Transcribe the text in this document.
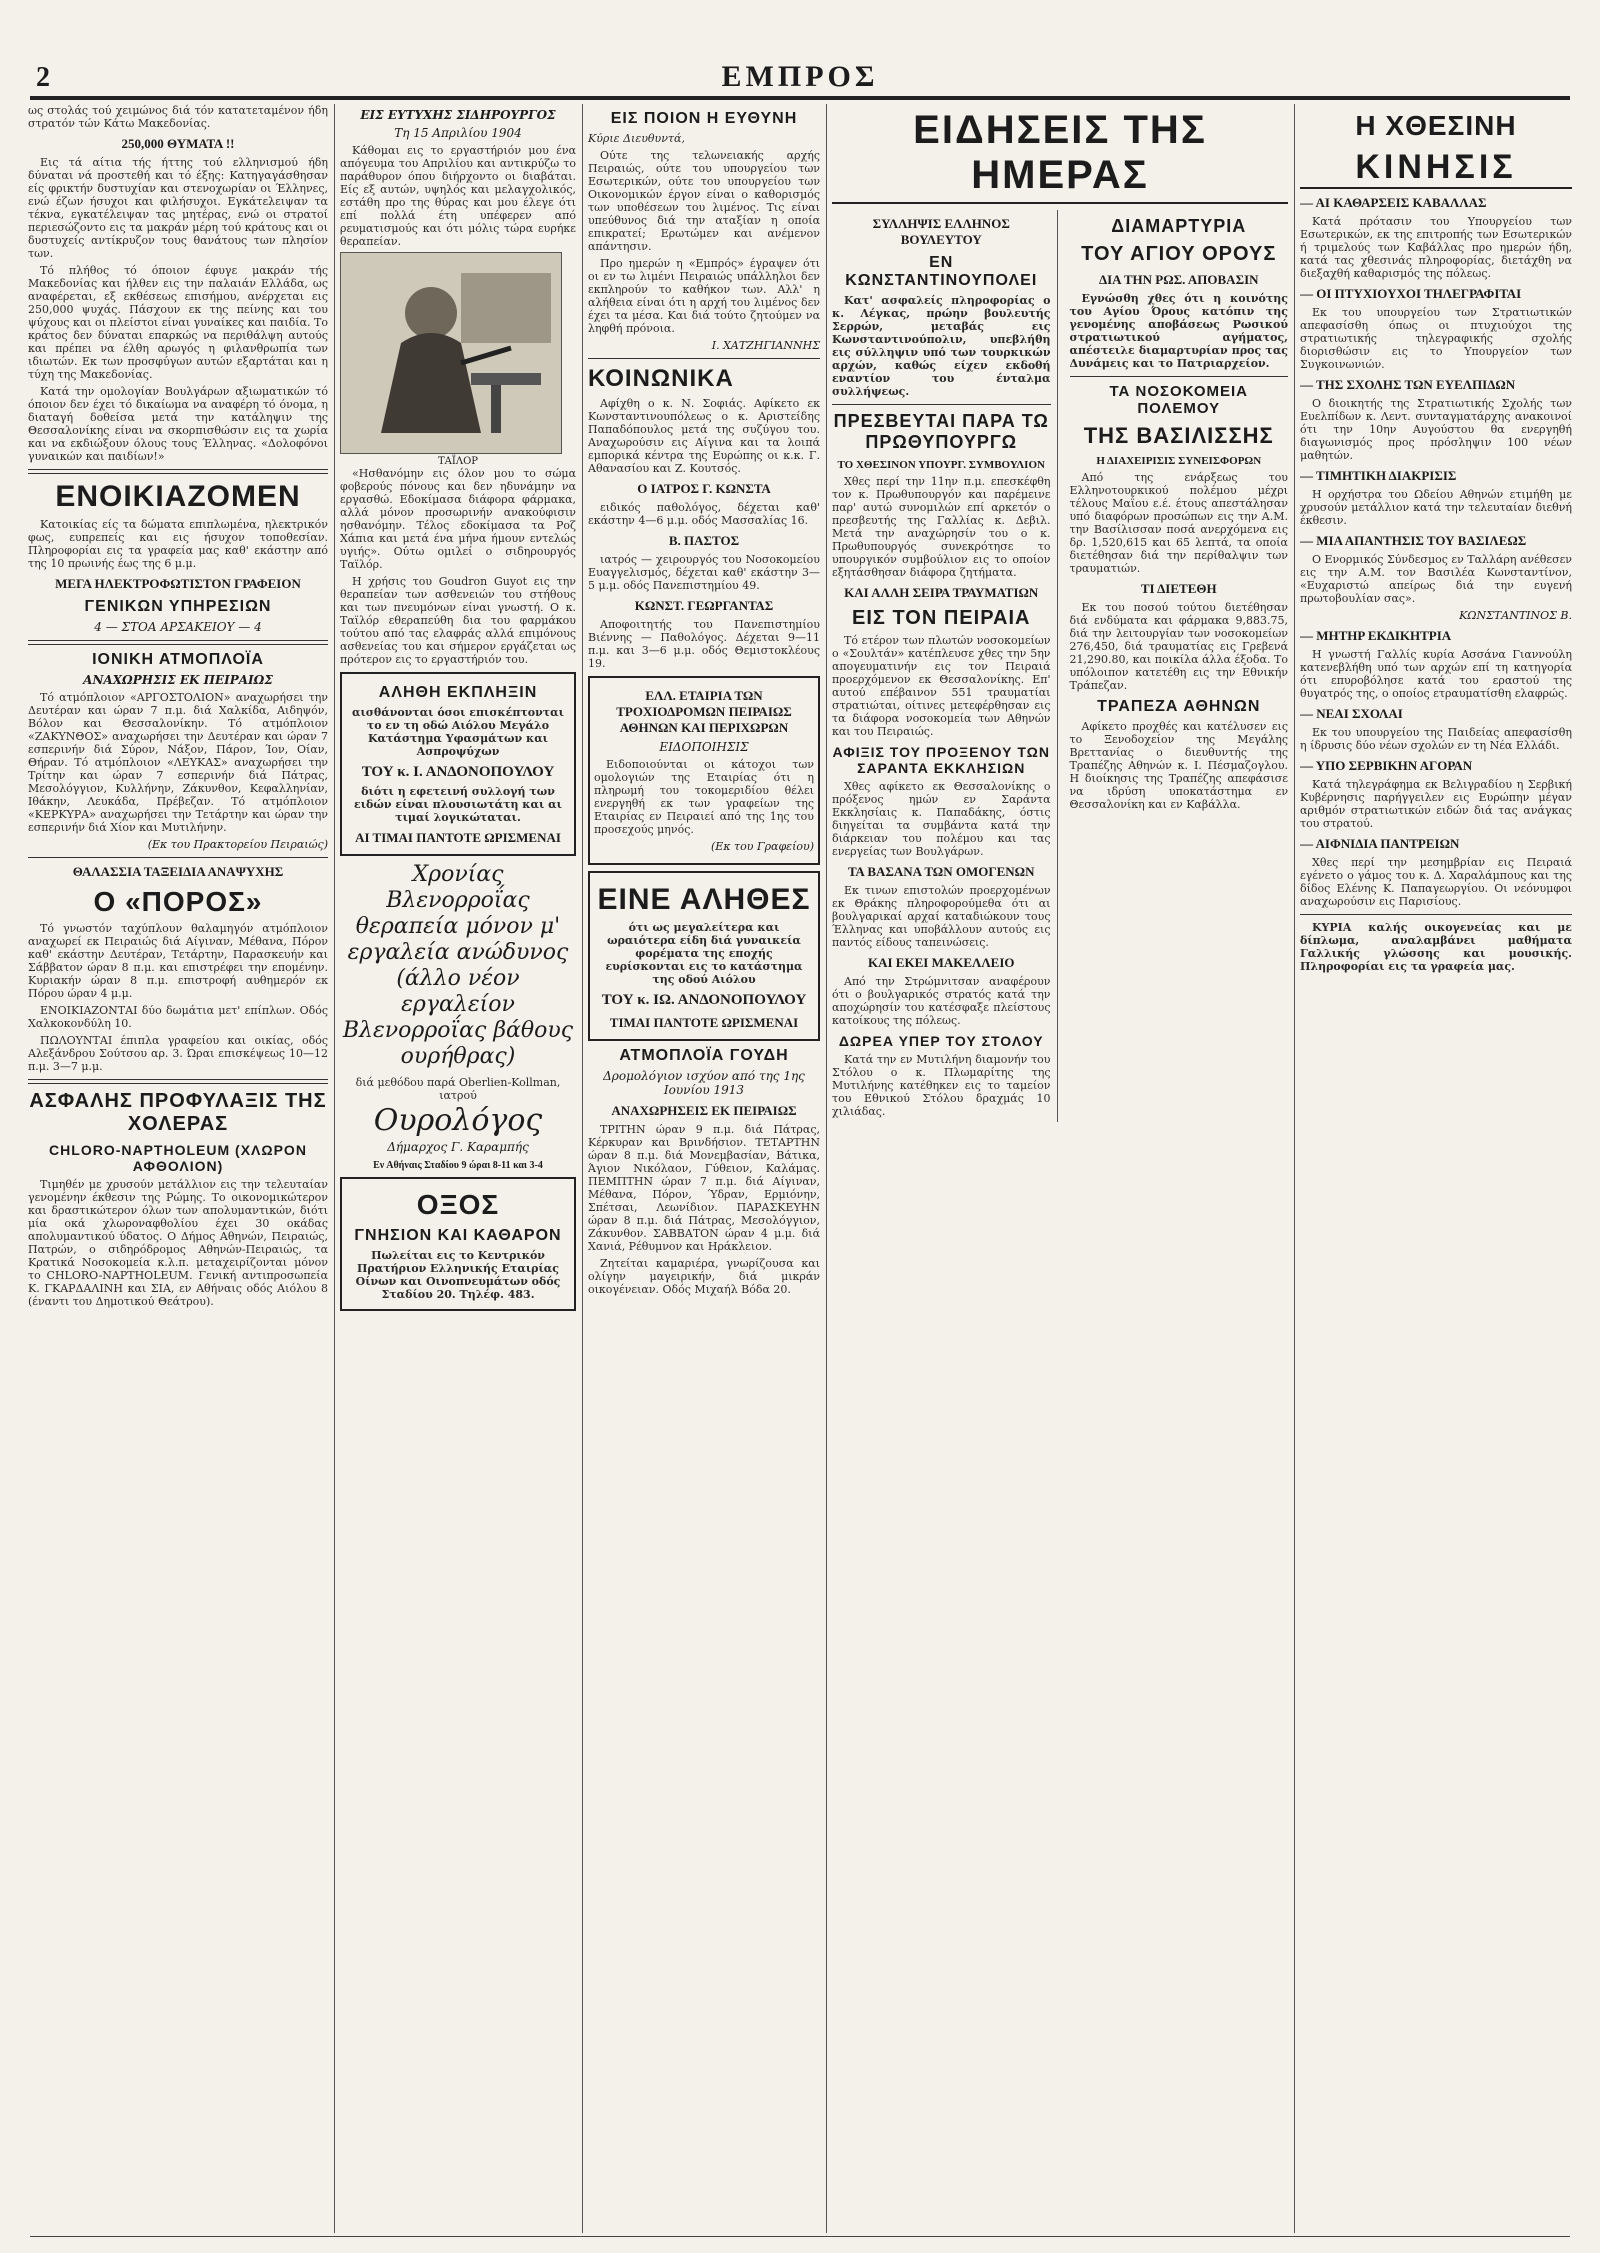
2	ΕΜΠΡΟΣ

ως στολάς τού χειμώνος διά τόν κατατεταμένον ήδη στρατόν τών Κάτω Μακεδονίας.

250,000 ΘΥΜΑΤΑ !!

Εις τά αίτια τής ήττης τού ελληνισμού ήδη δύναται νά προστεθή και τό έξης: Κατηγαγάσθησαν είς φρικτήν δυστυχίαν και στενοχωρίαν οι Έλληνες, ενώ έζων ήσυχοι και φιλήσυχοι. Εγκάτελειψαν τα τέκνα, εγκατέλειψαν τας μητέρας, ενώ οι στρατοί περιεσώζοντο εις τα μακράν μέρη τού κράτους και οι δυστυχείς αντίκρυζον τους θανάτους των πλησίον των.

Τό πλήθος τό όποιον έφυγε μακράν τής Μακεδονίας και ήλθεν εις την παλαιάν Ελλάδα, ως αναφέρεται, εξ εκθέσεως επισήμου, ανέρχεται εις 250,000 ψυχάς. Πάσχουν εκ της πείνης και του ψύχους και οι πλείστοι είναι γυναίκες και παιδία. Το κράτος δεν δύναται επαρκώς να περιθάλψη αυτούς και πρέπει να έλθη αρωγός η φιλανθρωπία των ιδιωτών. Εκ των προσφύγων αυτών εξαρτάται και η τύχη της Μακεδονίας.

Κατά την ομολογίαν Βουλγάρων αξιωματικών τό όποιον δεν έχει τό δικαίωμα να αναφέρη τό όνομα, η διαταγή δοθείσα μετά την κατάληψιν της Θεσσαλονίκης είναι να σκορπισθώσιν εις τα χωρία και να εκδιώξουν όλους τους Έλληνας. «Δολοφόνοι γυναικών και παιδίων!»

ΕΝΟΙΚΙΑΖΟΜΕΝ

Κατοικίας είς τα δώματα επιπλωμένα, ηλεκτρικόν φως, ευπρεπείς και εις ήσυχον τοποθεσίαν. Πληροφορίαι εις τα γραφεία μας καθ' εκάστην από της 10 πρωινής έως της 6 μ.μ.

ΜΕΓΑ ΗΛΕΚΤΡΟΦΩΤΙΣΤΟΝ ΓΡΑΦΕΙΟΝ
ΓΕΝΙΚΩΝ ΥΠΗΡΕΣΙΩΝ
4 — ΣΤΟΑ ΑΡΣΑΚΕΙΟΥ — 4
ΙΟΝΙΚΗ ΑΤΜΟΠΛΟΪΑ
ΑΝΑΧΩΡΗΣΙΣ ΕΚ ΠΕΙΡΑΙΩΣ

Τό ατμόπλοιον «ΑΡΓΟΣΤΟΛΙΟΝ» αναχωρήσει την Δευτέραν και ώραν 7 π.μ. διά Χαλκίδα, Αιδηψόν, Βόλον και Θεσσαλονίκην. Τό ατμόπλοιον «ΖΑΚΥΝΘΟΣ» αναχωρήσει την Δευτέραν και ώραν 7 εσπερινήν διά Σύρον, Νάξον, Πάρον, Ίον, Οίαν, Θήραν. Τό ατμόπλοιον «ΛΕΥΚΑΣ» αναχωρήσει την Τρίτην και ώραν 7 εσπερινήν διά Πάτρας, Μεσολόγγιον, Κυλλήνην, Ζάκυνθον, Κεφαλληνίαν, Ιθάκην, Λευκάδα, Πρέβεζαν. Τό ατμόπλοιον «ΚΕΡΚΥΡΑ» αναχωρήσει την Τετάρτην και ώραν την εσπερινήν διά Χίον και Μυτιλήνην.

(Εκ του Πρακτορείου Πειραιώς)
ΘΑΛΑΣΣΙΑ ΤΑΞΕΙΔΙΑ ΑΝΑΨΥΧΗΣ
Ο «ΠΟΡΟΣ»

Τό γνωστόν ταχύπλουν θαλαμηγόν ατμόπλοιον αναχωρεί εκ Πειραιώς διά Αίγιναν, Μέθανα, Πόρον καθ' εκάστην Δευτέραν, Τετάρτην, Παρασκευήν και Σάββατον ώραν 8 π.μ. και επιστρέφει την επομένην. Κυριακήν ώραν 8 π.μ. επιστροφή αυθημερόν εκ Πόρου ώραν 4 μ.μ.

ΕΝΟΙΚΙΑΖΟΝΤΑΙ δύο δωμάτια μετ' επίπλων. Οδός Χαλκοκονδύλη 10.

ΠΩΛΟΥΝΤΑΙ έπιπλα γραφείου και οικίας, οδός Αλεξάνδρου Σούτσου αρ. 3. Ώραι επισκέψεως 10—12 π.μ. 3—7 μ.μ.

ΑΣΦΑΛΗΣ ΠΡΟΦΥΛΑΞΙΣ ΤΗΣ ΧΟΛΕΡΑΣ
CHLORO-NAPTHOLEUM (ΧΛΩΡΟΝ ΑΦΘΟΛΙΟΝ)

Τιμηθέν με χρυσούν μετάλλιον εις την τελευταίαν γενομένην έκθεσιν της Ρώμης. Το οικονομικώτερον και δραστικώτερον όλων των απολυμαντικών, διότι μία οκά χλωροναφθολίου έχει 30 οκάδας απολυμαντικού ύδατος. Ο Δήμος Αθηνών, Πειραιώς, Πατρών, ο σιδηρόδρομος Αθηνών-Πειραιώς, τα Κρατικά Νοσοκομεία κ.λ.π. μεταχειρίζονται μόνον το CHLORO-NAPTHOLEUM. Γενική αντιπροσωπεία K. ΓΚΑΡΔΑΛΙΝΗ και ΣΙΑ, εν Αθήναις οδός Αιόλου 8 (έναντι του Δημοτικού Θεάτρου).

ΕΙΣ ΕΥΤΥΧΗΣ ΣΙΔΗΡΟΥΡΓΟΣ
Τη 15 Απριλίου 1904

Κάθομαι εις το εργαστήριόν μου ένα απόγευμα του Απριλίου και αντικρύζω το παράθυρον όπου διήρχοντο οι διαβάται. Είς εξ αυτών, υψηλός και μελαγχολικός, εστάθη προ της θύρας και μου έλεγε ότι επί πολλά έτη υπέφερεν από ρευματισμούς και ότι μόλις τώρα ευρήκε θεραπείαν.

ΤΑΪΛΟΡ

«Ησθανόμην εις όλον μου το σώμα φοβερούς πόνους και δεν ηδυνάμην να εργασθώ. Εδοκίμασα διάφορα φάρμακα, αλλά μόνον προσωρινήν ανακούφισιν ησθανόμην. Τέλος εδοκίμασα τα Ροζ Χάπια και μετά ένα μήνα ήμουν εντελώς υγιής». Ούτω ομιλεί ο σιδηρουργός Ταϊλόρ.

Η χρήσις του Goudron Guyot εις την θεραπείαν των ασθενειών του στήθους και των πνευμόνων είναι γνωστή. Ο κ. Ταϊλόρ εθεραπεύθη δια του φαρμάκου τούτου από τας ελαφράς αλλά επιμόνους ασθενείας του και σήμερον εργάζεται ως πρότερον εις το εργαστήριόν του.

ΑΛΗΘΗ ΕΚΠΛΗΞΙΝ

αισθάνονται όσοι επισκέπτονται το εν τη οδώ Αιόλου Μεγάλο Κατάστημα Υφασμάτων και Ασπροψύχων

ΤΟΥ κ. Ι. ΑΝΔΟΝΟΠΟΥΛΟΥ

διότι η εφετεινή συλλογή των ειδών είναι πλουσιωτάτη και αι τιμαί λογικώταται.

ΑΙ ΤΙΜΑΙ ΠΑΝΤΟΤΕ ΩΡΙΣΜΕΝΑΙ
Χρονίας Βλενορροΐας θεραπεία μόνον μ' εργαλεία ανώδυνος (άλλο νέον εργαλείον Βλενορροΐας βάθους ουρήθρας)

διά μεθόδου παρά Oberlien-Kollman, ιατρού

Ουρολόγος
Δήμαρχος Γ. Καραμπής
Εν Αθήναις Σταδίου 9 ώραι 8-11 και 3-4
ΟΞΟΣ
ΓΝΗΣΙΟΝ ΚΑΙ ΚΑΘΑΡΟΝ

Πωλείται εις το Κεντρικόν Πρατήριον Ελληνικής Εταιρίας Οίνων και Οινοπνευμάτων οδός Σταδίου 20. Τηλέφ. 483.

ΕΙΣ ΠΟΙΟΝ Η ΕΥΘΥΝΗ

Κύριε Διευθυντά,

Ούτε της τελωνειακής αρχής Πειραιώς, ούτε του υπουργείου των Εσωτερικών, ούτε του υπουργείου των Οικονομικών έργον είναι ο καθορισμός των υποθέσεων του λιμένος. Τις είναι υπεύθυνος διά την αταξίαν η οποία επικρατεί; Ερωτώμεν και ανέμενον απάντησιν.

Προ ημερών η «Εμπρός» έγραψεν ότι οι εν τω λιμένι Πειραιώς υπάλληλοι δεν εκπληρούν το καθήκον των. Αλλ' η αλήθεια είναι ότι η αρχή του λιμένος δεν έχει τα μέσα. Και διά τούτο ζητούμεν να ληφθή πρόνοια.

Ι. ΧΑΤΖΗΓΙΑΝΝΗΣ
ΚΟΙΝΩΝΙΚΑ

Αφίχθη ο κ. Ν. Σοφιάς. Αφίκετο εκ Κωνσταντινουπόλεως ο κ. Αριστείδης Παπαδόπουλος μετά της συζύγου του. Αναχωρούσιν εις Αίγινα και τα λοιπά εμπορικά κέντρα της Ευρώπης οι κ.κ. Γ. Αθανασίου και Ζ. Κουτσός.

Ο ΙΑΤΡΟΣ Γ. ΚΩΝΣΤΑ

ειδικός παθολόγος, δέχεται καθ' εκάστην 4—6 μ.μ. οδός Μασσαλίας 16.

Β. ΠΑΣΤΟΣ

ιατρός — χειρουργός του Νοσοκομείου Ευαγγελισμός, δέχεται καθ' εκάστην 3—5 μ.μ. οδός Πανεπιστημίου 49.

ΚΩΝΣΤ. ΓΕΩΡΓΑΝΤΑΣ

Αποφοιτητής του Πανεπιστημίου Βιέννης — Παθολόγος. Δέχεται 9—11 π.μ. και 3—6 μ.μ. οδός Θεμιστοκλέους 19.

ΕΛΛ. ΕΤΑΙΡΙΑ ΤΩΝ ΤΡΟΧΙΟΔΡΟΜΩΝ ΠΕΙΡΑΙΩΣ ΑΘΗΝΩΝ ΚΑΙ ΠΕΡΙΧΩΡΩΝ
ΕΙΔΟΠΟΙΗΣΙΣ

Ειδοποιούνται οι κάτοχοι των ομολογιών της Εταιρίας ότι η πληρωμή του τοκομεριδίου θέλει ενεργηθή εκ των γραφείων της Εταιρίας εν Πειραιεί από της 1ης του προσεχούς μηνός.

(Εκ του Γραφείου)
ΕΙΝΕ ΑΛΗΘΕΣ

ότι ως μεγαλείτερα και ωραιότερα είδη διά γυναικεία φορέματα της εποχής ευρίσκονται εις το κατάστημα της οδού Αιόλου

ΤΟΥ κ. ΙΩ. ΑΝΔΟΝΟΠΟΥΛΟΥ
ΤΙΜΑΙ ΠΑΝΤΟΤΕ ΩΡΙΣΜΕΝΑΙ
ΑΤΜΟΠΛΟΪΑ ΓΟΥΔΗ
Δρομολόγιον ισχύον από της 1ης Ιουνίου 1913
ΑΝΑΧΩΡΗΣΕΙΣ ΕΚ ΠΕΙΡΑΙΩΣ

ΤΡΙΤΗΝ ώραν 9 π.μ. διά Πάτρας, Κέρκυραν και Βρινδήσιον. ΤΕΤΑΡΤΗΝ ώραν 8 π.μ. διά Μονεμβασίαν, Βάτικα, Άγιον Νικόλαον, Γύθειον, Καλάμας. ΠΕΜΠΤΗΝ ώραν 7 π.μ. διά Αίγιναν, Μέθανα, Πόρον, Ύδραν, Ερμιόνην, Σπέτσαι, Λεωνίδιον. ΠΑΡΑΣΚΕΥΗΝ ώραν 8 π.μ. διά Πάτρας, Μεσολόγγιον, Ζάκυνθον. ΣΑΒΒΑΤΟΝ ώραν 4 μ.μ. διά Χανιά, Ρέθυμνον και Ηράκλειον.

Ζητείται καμαριέρα, γνωρίζουσα και ολίγην μαγειρικήν, διά μικράν οικογένειαν. Οδός Μιχαήλ Βόδα 20.

ΕΙΔΗΣΕΙΣ ΤΗΣ ΗΜΕΡΑΣ
ΣΥΛΛΗΨΙΣ ΕΛΛΗΝΟΣ ΒΟΥΛΕΥΤΟΥ
ΕΝ ΚΩΝΣΤΑΝΤΙΝΟΥΠΟΛΕΙ

Κατ' ασφαλείς πληροφορίας ο κ. Λέγκας, πρώην βουλευτής Σερρών, μεταβάς εις Κωνσταντινούπολιν, υπεβλήθη εις σύλληψιν υπό των τουρκικών αρχών, καθώς είχεν εκδοθή εναντίον του ένταλμα συλλήψεως.

ΠΡΕΣΒΕΥΤΑΙ ΠΑΡΑ ΤΩ ΠΡΩΘΥΠΟΥΡΓΩ
ΤΟ ΧΘΕΣΙΝΟΝ ΥΠΟΥΡΓ. ΣΥΜΒΟΥΛΙΟΝ

Χθες περί την 11ην π.μ. επεσκέφθη τον κ. Πρωθυπουργόν και παρέμεινε παρ' αυτώ συνομιλών επί αρκετόν ο πρεσβευτής της Γαλλίας κ. Δεβιλ. Μετά την αναχώρησίν του ο κ. Πρωθυπουργός συνεκρότησε το υπουργικόν συμβούλιον εις το οποίον εξητάσθησαν διάφορα ζητήματα.

ΚΑΙ ΑΛΛΗ ΣΕΙΡΑ ΤΡΑΥΜΑΤΙΩΝ
ΕΙΣ ΤΟΝ ΠΕΙΡΑΙΑ

Τό ετέρον των πλωτών νοσοκομείων ο «Σουλτάν» κατέπλευσε χθες την 5ην απογευματινήν εις τον Πειραιά προερχόμενον εκ Θεσσαλονίκης. Επ' αυτού επέβαινον 551 τραυματίαι στρατιώται, οίτινες μετεφέρθησαν εις τα διάφορα νοσοκομεία των Αθηνών και του Πειραιώς.

ΑΦΙΞΙΣ ΤΟΥ ΠΡΟΞΕΝΟΥ ΤΩΝ ΣΑΡΑΝΤΑ ΕΚΚΛΗΣΙΩΝ

Χθες αφίκετο εκ Θεσσαλονίκης ο πρόξενος ημών εν Σαράντα Εκκλησίαις κ. Παπαδάκης, όστις διηγείται τα συμβάντα κατά την διάρκειαν του πολέμου και τας ενεργείας των Βουλγάρων.

ΤΑ ΒΑΣΑΝΑ ΤΩΝ ΟΜΟΓΕΝΩΝ

Εκ τινων επιστολών προερχομένων εκ Θράκης πληροφορούμεθα ότι αι βουλγαρικαί αρχαί καταδιώκουν τους Έλληνας και υποβάλλουν αυτούς εις παντός είδους ταπεινώσεις.

ΚΑΙ ΕΚΕΙ ΜΑΚΕΛΛΕΙΟ

Από την Στρώμνιτσαν αναφέρουν ότι ο βουλγαρικός στρατός κατά την αποχώρησίν του κατέσφαξε πλείστους κατοίκους της πόλεως.

ΔΩΡΕΑ ΥΠΕΡ ΤΟΥ ΣΤΟΛΟΥ

Κατά την εν Μυτιλήνη διαμονήν του Στόλου ο κ. Πλωμαρίτης της Μυτιλήνης κατέθηκεν εις το ταμείον του Εθνικού Στόλου δραχμάς 10 χιλιάδας.

ΔΙΑΜΑΡΤΥΡΙΑ
ΤΟΥ ΑΓΙΟΥ ΟΡΟΥΣ
ΔΙΑ ΤΗΝ ΡΩΣ. ΑΠΟΒΑΣΙΝ

Εγνώσθη χθες ότι η κοινότης του Αγίου Όρους κατόπιν της γενομένης αποβάσεως Ρωσικού στρατιωτικού αγήματος, απέστειλε διαμαρτυρίαν προς τας Δυνάμεις και το Πατριαρχείον.

ΤΑ ΝΟΣΟΚΟΜΕΙΑ ΠΟΛΕΜΟΥ
ΤΗΣ ΒΑΣΙΛΙΣΣΗΣ
Η ΔΙΑΧΕΙΡΙΣΙΣ ΣΥΝΕΙΣΦΟΡΩΝ

Από της ενάρξεως του Ελληνοτουρκικού πολέμου μέχρι τέλους Μαΐου ε.έ. έτους απεστάλησαν υπό διαφόρων προσώπων εις την Α.Μ. την Βασίλισσαν ποσά ανερχόμενα εις δρ. 1,520,615 και 65 λεπτά, τα οποία διετέθησαν διά την περίθαλψιν των τραυματιών.

ΤΙ ΔΙΕΤΕΘΗ

Εκ του ποσού τούτου διετέθησαν διά ενδύματα και φάρμακα 9,883.75, διά την λειτουργίαν των νοσοκομείων 276,450, διά τραυματίας εις Γρεβενά 21,290.80, και ποικίλα άλλα έξοδα. Το υπόλοιπον κατετέθη εις την Εθνικήν Τράπεζαν.

ΤΡΑΠΕΖΑ ΑΘΗΝΩΝ

Αφίκετο προχθές και κατέλυσεν εις το Ξενοδοχείον της Μεγάλης Βρεττανίας ο διευθυντής της Τραπέζης Αθηνών κ. Ι. Πέσμαζογλου. Η διοίκησις της Τραπέζης απεφάσισε να ιδρύση υποκατάστημα εν Θεσσαλονίκη και εν Καβάλλα.

Η ΧΘΕΣΙΝΗ
ΚΙΝΗΣΙΣ
— ΑΙ ΚΑΘΑΡΣΕΙΣ ΚΑΒΑΛΛΑΣ

Κατά πρότασιν του Υπουργείου των Εσωτερικών, εκ της επιτροπής των Εσωτερικών ή τριμελούς των Καβάλλας προ ημερών ήδη, κατά τας χθεσινάς πληροφορίας, διετάχθη να διεξαχθή καθαρισμός της πόλεως.

— ΟΙ ΠΤΥΧΙΟΥΧΟΙ ΤΗΛΕΓΡΑΦΙΤΑΙ

Εκ του υπουργείου των Στρατιωτικών απεφασίσθη όπως οι πτυχιούχοι της στρατιωτικής τηλεγραφικής σχολής διορισθώσιν εις το Υπουργείον των Συγκοινωνιών.

— ΤΗΣ ΣΧΟΛΗΣ ΤΩΝ ΕΥΕΛΠΙΔΩΝ

Ο διοικητής της Στρατιωτικής Σχολής των Ευελπίδων κ. Λεντ. συνταγματάρχης ανακοινοί ότι την 10ην Αυγούστου θα ενεργηθή διαγωνισμός προς πρόσληψιν 100 νέων μαθητών.

— ΤΙΜΗΤΙΚΗ ΔΙΑΚΡΙΣΙΣ

Η ορχήστρα του Ωδείου Αθηνών ετιμήθη με χρυσούν μετάλλιον κατά την τελευταίαν διεθνή έκθεσιν.

— ΜΙΑ ΑΠΑΝΤΗΣΙΣ ΤΟΥ ΒΑΣΙΛΕΩΣ

Ο Ενορμικός Σύνδεσμος εν Ταλλάρη ανέθεσεν εις την Α.Μ. τον Βασιλέα Κωνσταντίνον, «Ευχαριστώ απείρως διά την ευγενή πρωτοβουλίαν σας».

ΚΩΝΣΤΑΝΤΙΝΟΣ Β.
— ΜΗΤΗΡ ΕΚΔΙΚΗΤΡΙΑ

Η γνωστή Γαλλίς κυρία Ασσάνα Γιαννούλη κατενεβλήθη υπό των αρχών επί τη κατηγορία ότι επυροβόλησε κατά του εραστού της θυγατρός της, ο οποίος ετραυματίσθη ελαφρώς.

— ΝΕΑΙ ΣΧΟΛΑΙ

Εκ του υπουργείου της Παιδείας απεφασίσθη η ίδρυσις δύο νέων σχολών εν τη Νέα Ελλάδι.

— ΥΠΟ ΣΕΡΒΙΚΗΝ ΑΓΟΡΑΝ

Κατά τηλεγράφημα εκ Βελιγραδίου η Σερβική Κυβέρνησις παρήγγειλεν εις Ευρώπην μέγαν αριθμόν στρατιωτικών ειδών διά τας ανάγκας του στρατού.

— ΑΙΦΝΙΔΙΑ ΠΑΝΤΡΕΙΩΝ

Χθες περί την μεσημβρίαν εις Πειραιά εγένετο ο γάμος του κ. Δ. Χαραλάμπους και της δίδος Ελένης Κ. Παπαγεωργίου. Οι νεόνυμφοι αναχωρούσιν εις Παρισίους.

ΚΥΡΙΑ καλής οικογενείας και με δίπλωμα, αναλαμβάνει μαθήματα Γαλλικής γλώσσης και μουσικής. Πληροφορίαι εις τα γραφεία μας.
